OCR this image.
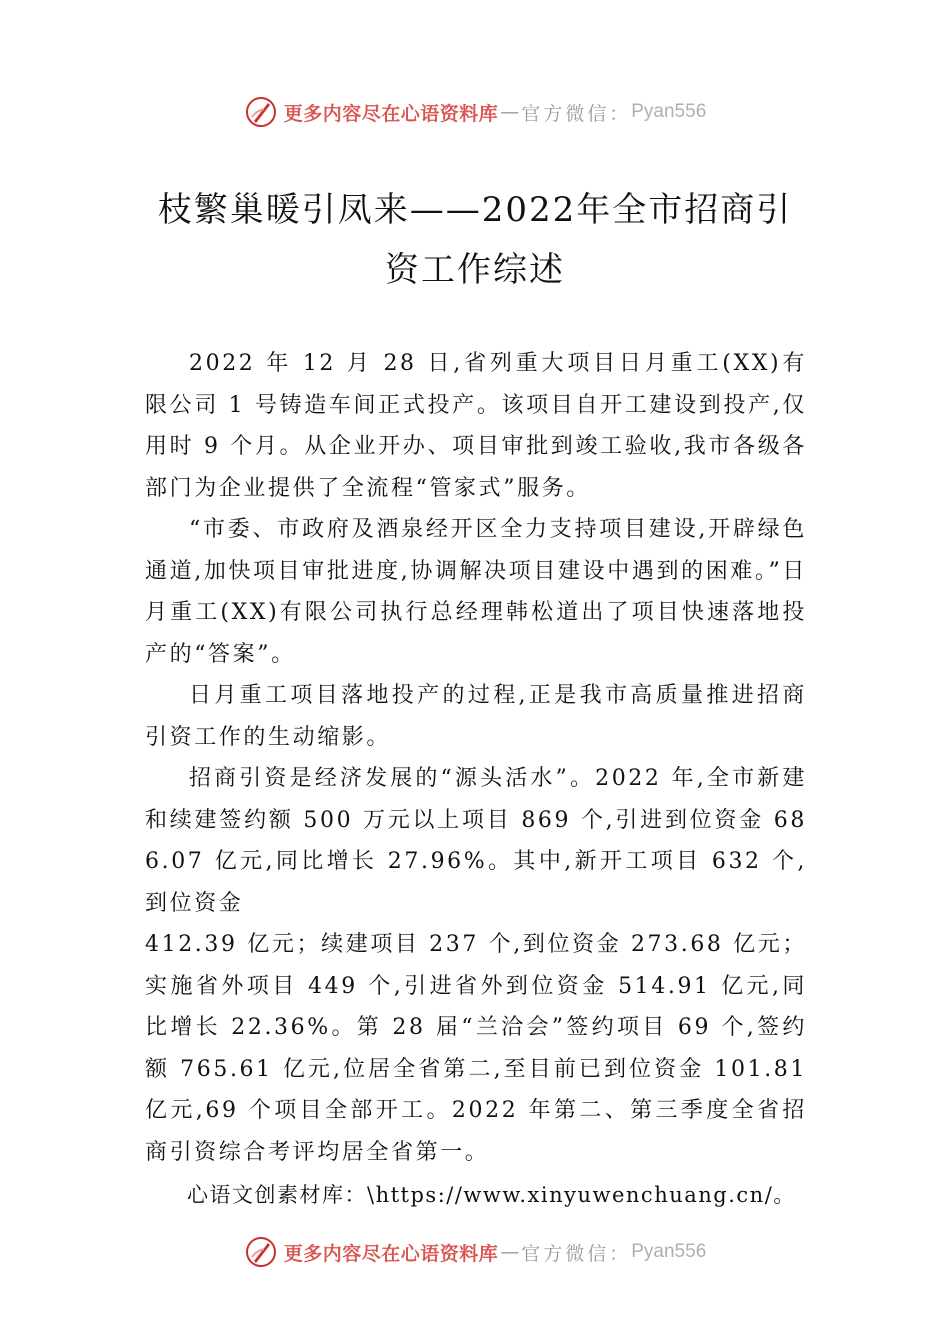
更多内容尽在心语资料库 — 官方微信： Pyan556
枝繁巢暖引凤来——2022年全市招商引资工作综述

2022 年 12 月 28 日,省列重大项目日月重工(XX)有限公司 1 号铸造车间正式投产。该项目自开工建设到投产,仅用时 9 个月。从企业开办、项目审批到竣工验收,我市各级各部门为企业提供了全流程“管家式”服务。

“市委、市政府及酒泉经开区全力支持项目建设,开辟绿色通道,加快项目审批进度,协调解决项目建设中遇到的困难。”日月重工(XX)有限公司执行总经理韩松道出了项目快速落地投产的“答案”。

日月重工项目落地投产的过程,正是我市高质量推进招商引资工作的生动缩影。

招商引资是经济发展的“源头活水”。2022 年,全市新建和续建签约额 500 万元以上项目 869 个,引进到位资金 686.07 亿元,同比增长 27.96%。其中,新开工项目 632 个,到位资金

412.39 亿元；续建项目 237 个,到位资金 273.68 亿元；实施省外项目 449 个,引进省外到位资金 514.91 亿元,同比增长 22.36%。第 28 届“兰洽会”签约项目 69 个,签约额 765.61 亿元,位居全省第二,至目前已到位资金 101.81 亿元,69 个项目全部开工。2022 年第二、第三季度全省招商引资综合考评均居全省第一。

心语文创素材库：\https://www.xinyuwenchuang.cn/。

更多内容尽在心语资料库 — 官方微信： Pyan556
